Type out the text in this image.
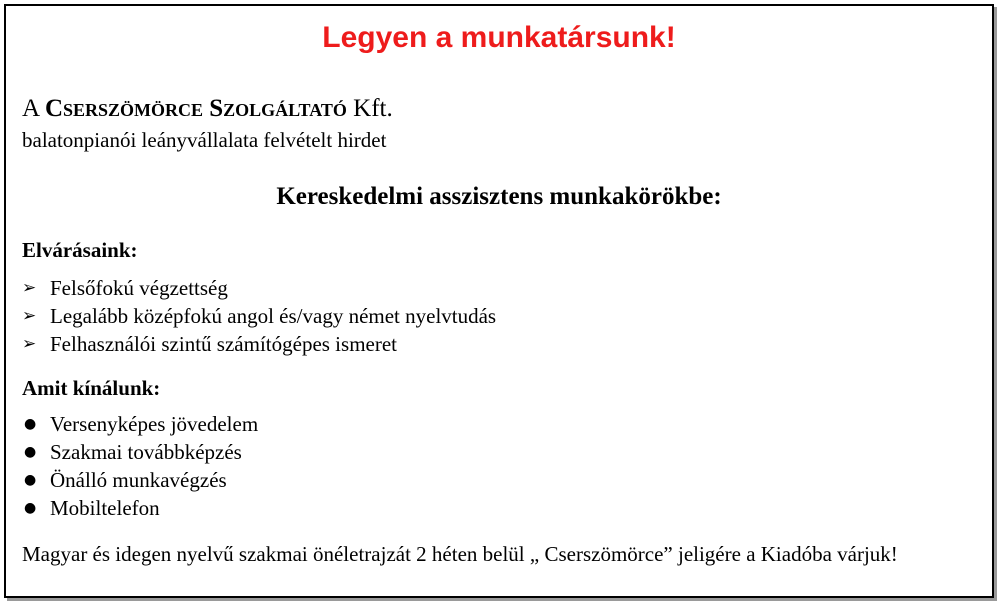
Legyen a munkatársunk!
A Cserszömörce Szolgáltató Kft.
balatonpianói leányvállalata felvételt hirdet
Kereskedelmi asszisztens munkakörökbe:
Elvárásaink:
➢ Felsőfokú végzettség
➢ Legalább középfokú angol és/vagy német nyelvtudás
➢ Felhasználói szintű számítógépes ismeret
Amit kínálunk:
● Versenyképes jövedelem
● Szakmai továbbképzés
● Önálló munkavégzés
● Mobiltelefon
Magyar és idegen nyelvű szakmai önéletrajzát 2 héten belül „ Cserszömörce” jeligére a Kiadóba várjuk!
